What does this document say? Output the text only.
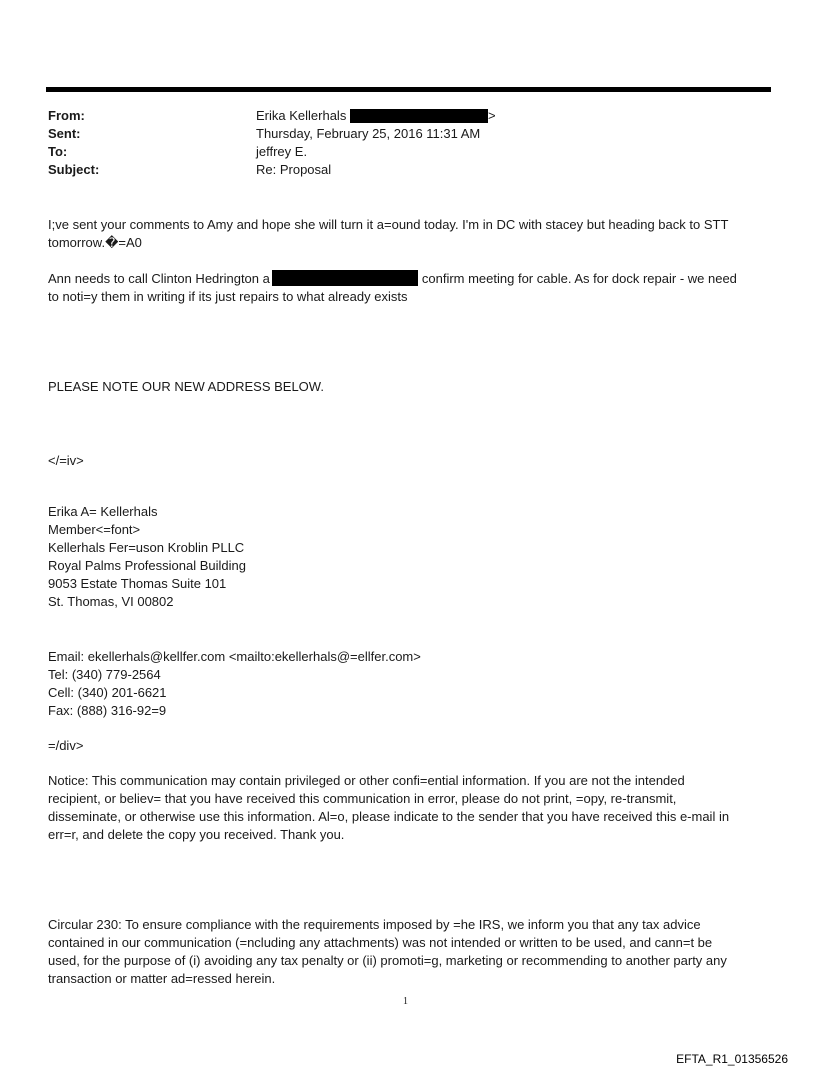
From:	Erika Kellerhals	>
Sent:	Thursday, February 25, 2016 11:31 AM
To:	jeffrey E.
Subject:	Re: Proposal
I;ve sent your comments to Amy and hope she will turn it a=ound today. I'm in DC with stacey but heading back to STT
tomorrow.�=A0
Ann needs to call Clinton Hedrington a	confirm meeting for cable. As for dock repair - we need
to noti=y them in writing if its just repairs to what already exists
PLEASE NOTE OUR NEW ADDRESS BELOW.
</=iv>
Erika A= Kellerhals
Member<=font>
Kellerhals Fer=uson Kroblin PLLC
Royal Palms Professional Building
9053 Estate Thomas Suite 101
St. Thomas, VI 00802
Email: ekellerhals@kellfer.com <mailto:ekellerhals@=ellfer.com>
Tel: (340) 779-2564
Cell: (340) 201-6621
Fax: (888) 316-92=9
=/div>
Notice: This communication may contain privileged or other confi=ential information. If you are not the intended
recipient, or believ= that you have received this communication in error, please do not print, =opy, re-transmit,
disseminate, or otherwise use this information. Al=o, please indicate to the sender that you have received this e-mail in
err=r, and delete the copy you received. Thank you.
Circular 230: To ensure compliance with the requirements imposed by =he IRS, we inform you that any tax advice
contained in our communication (=ncluding any attachments) was not intended or written to be used, and cann=t be
used, for the purpose of (i) avoiding any tax penalty or (ii) promoti=g, marketing or recommending to another party any
transaction or matter ad=ressed herein.
1
EFTA_R1_01356526
